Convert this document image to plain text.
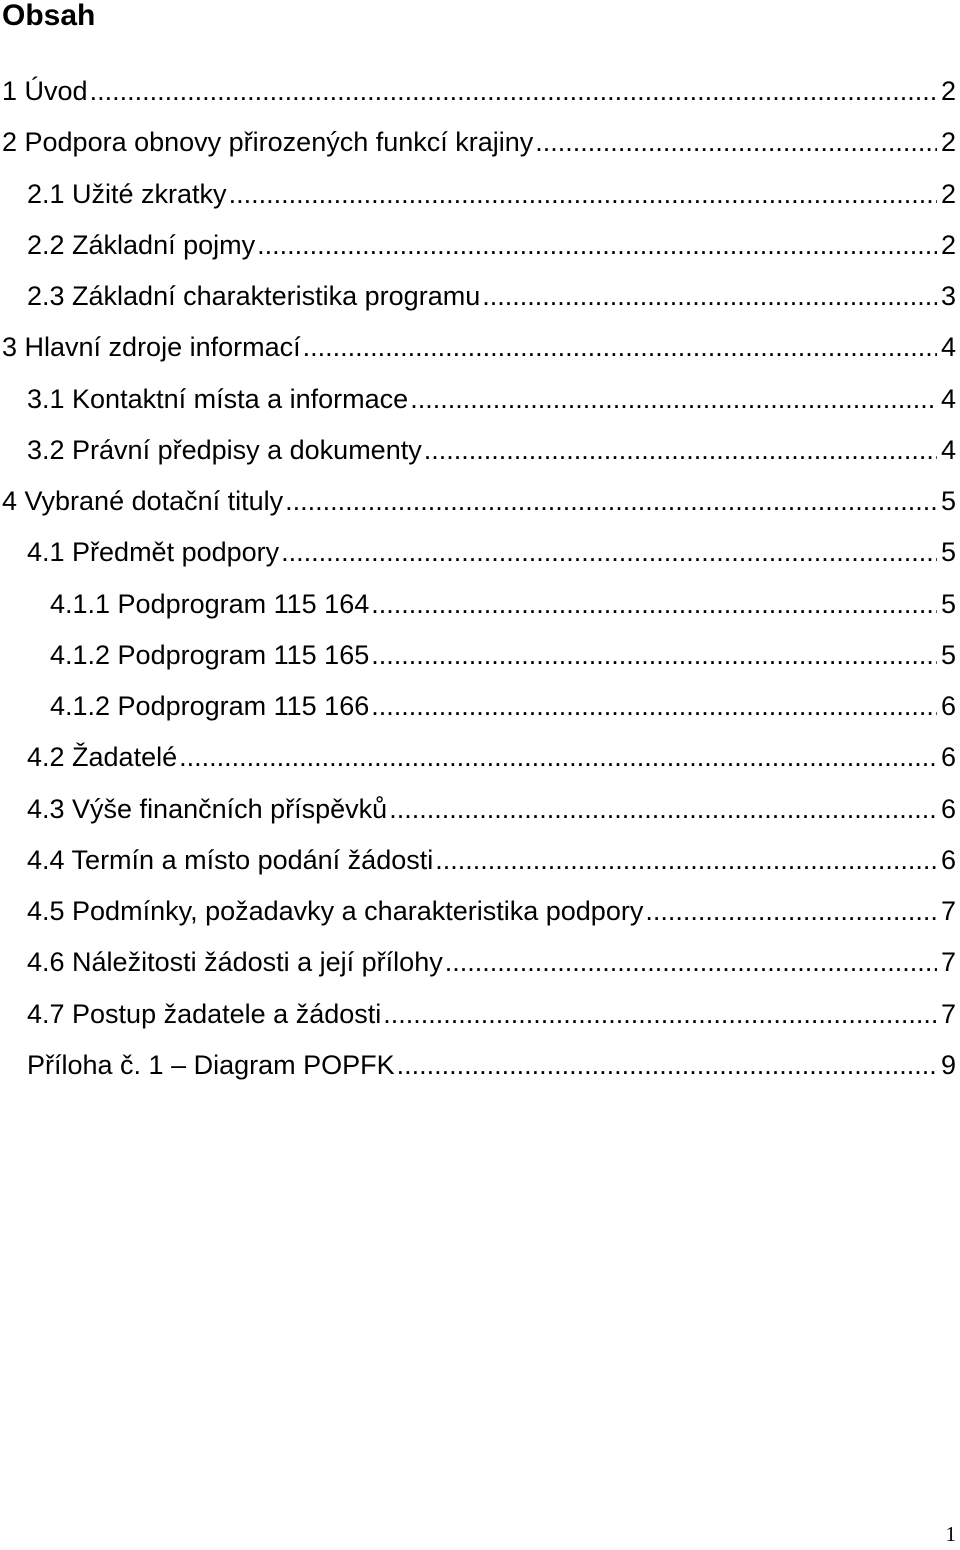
Obsah
1 Úvod .....	2
2 Podpora obnovy přirozených funkcí krajiny .....	2
2.1 Užité zkratky .....	2
2.2 Základní pojmy .....	2
2.3 Základní charakteristika programu .....	3
3 Hlavní zdroje informací .....	4
3.1 Kontaktní místa a informace .....	4
3.2 Právní předpisy a dokumenty .....	4
4 Vybrané dotační tituly .....	5
4.1 Předmět podpory .....	5
4.1.1 Podprogram 115 164 .....	5
4.1.2 Podprogram 115 165 .....	5
4.1.2 Podprogram 115 166 .....	6
4.2 Žadatelé .....	6
4.3 Výše finančních příspěvků .....	6
4.4 Termín a místo podání žádosti .....	6
4.5 Podmínky, požadavky a charakteristika podpory .....	7
4.6 Náležitosti žádosti a její přílohy .....	7
4.7 Postup žadatele a žádosti .....	7
Příloha č. 1 – Diagram POPFK .....	9
1
